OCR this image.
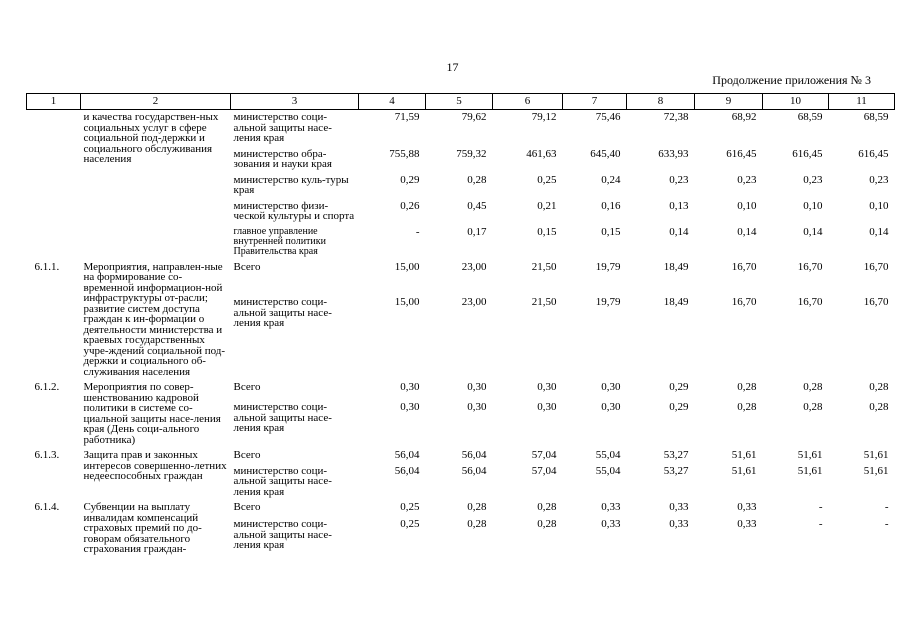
17
Продолжение приложения № 3
1	2	3	4	5	6	7	8	9	10	11
	и качества государствен-ных социальных услуг в сфере социальной под-держки и социального обслуживания населения	министерство соци-альной защиты насе-ления края	71,59	79,62	79,12	75,46	72,38	68,92	68,59	68,59
		министерство обра-зования и науки края	755,88	759,32	461,63	645,40	633,93	616,45	616,45	616,45
		министерство куль-туры края	0,29	0,28	0,25	0,24	0,23	0,23	0,23	0,23
		министерство физи-ческой культуры и спорта	0,26	0,45	0,21	0,16	0,13	0,10	0,10	0,10
		главное управление внутренней политики Правительства края	-	0,17	0,15	0,15	0,14	0,14	0,14	0,14
6.1.1.	Мероприятия, направлен-ные на формирование со-временной информацион-ной инфраструктуры от-расли; развитие систем доступа граждан к ин-формации о деятельности министерства и краевых государственных учре-ждений социальной под-держки и социального об-служивания населения	Всего	15,00	23,00	21,50	19,79	18,49	16,70	16,70	16,70
		министерство соци-альной защиты насе-ления края	15,00	23,00	21,50	19,79	18,49	16,70	16,70	16,70
6.1.2.	Мероприятия по совер-шенствованию кадровой политики в системе со-циальной защиты насе-ления края (День соци-ального работника)	Всего	0,30	0,30	0,30	0,30	0,29	0,28	0,28	0,28
		министерство соци-альной защиты насе-ления края	0,30	0,30	0,30	0,30	0,29	0,28	0,28	0,28
6.1.3.	Защита прав и законных интересов совершенно-летних недееспособных граждан	Всего	56,04	56,04	57,04	55,04	53,27	51,61	51,61	51,61
		министерство соци-альной защиты насе-ления края	56,04	56,04	57,04	55,04	53,27	51,61	51,61	51,61
6.1.4.	Субвенции на выплату инвалидам компенсаций страховых премий по до-говорам обязательного страхования граждан-	Всего	0,25	0,28	0,28	0,33	0,33	0,33	-	-
		министерство соци-альной защиты насе-ления края	0,25	0,28	0,28	0,33	0,33	0,33	-	-
